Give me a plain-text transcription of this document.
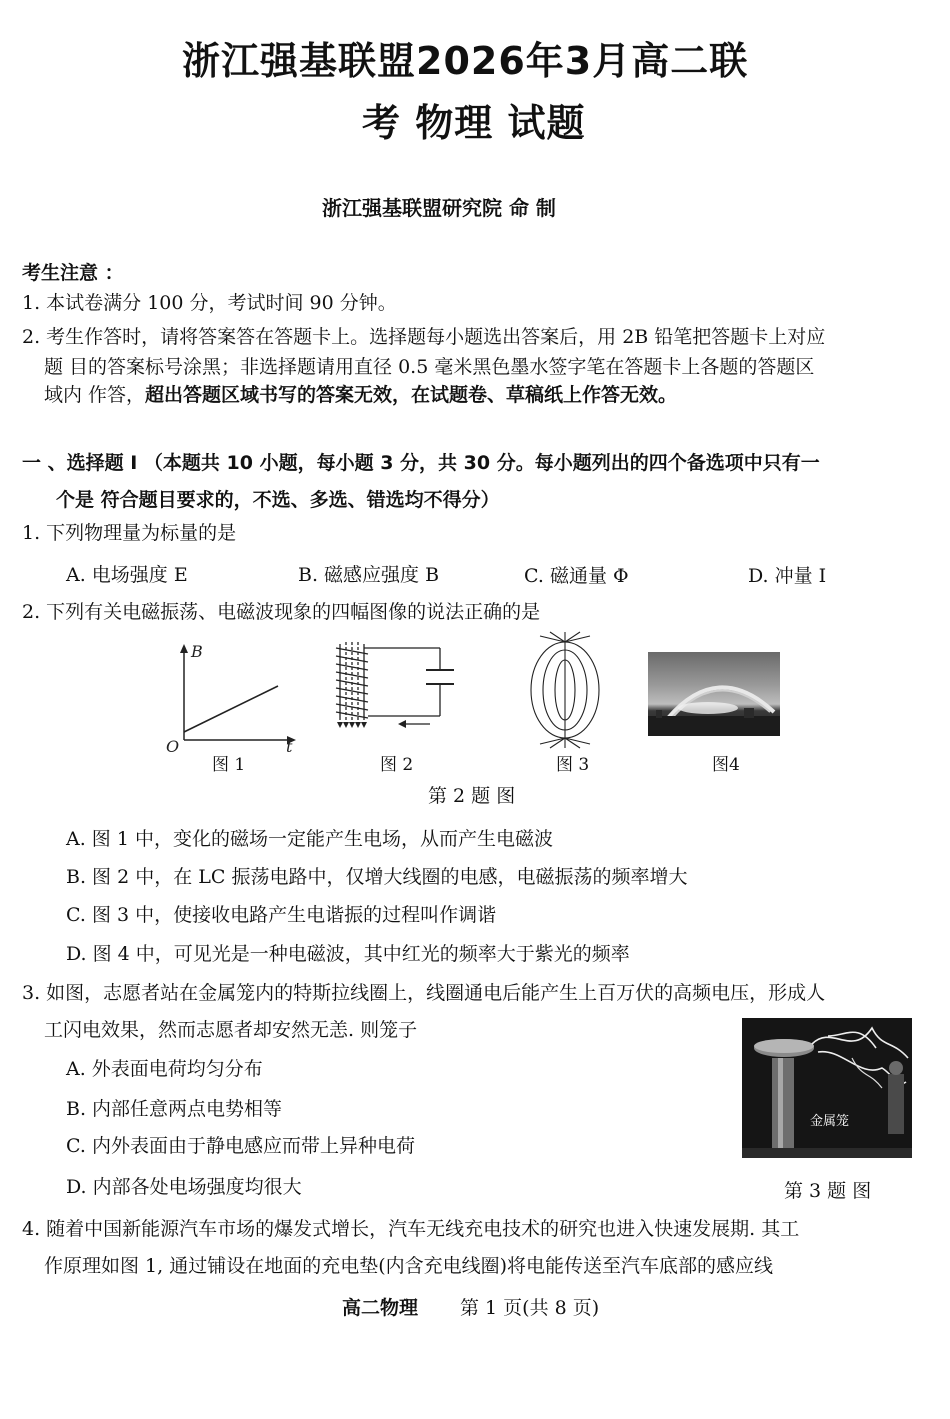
浙江强基联盟2026年3月高二联
考 物理 试题
浙江强基联盟研究院 命 制
考生注意 ：
1. 本试卷满分 100 分，考试时间 90 分钟。
2. 考生作答时，请将答案答在答题卡上。选择题每小题选出答案后，用 2B 铅笔把答题卡上对应
题 目的答案标号涂黑；非选择题请用直径 0.5 毫米黑色墨水签字笔在答题卡上各题的答题区
域内 作答，超出答题区域书写的答案无效，在试题卷、草稿纸上作答无效。
一 、选择题 I （本题共 10 小题，每小题 3 分，共 30 分。每小题列出的四个备选项中只有一
个是 符合题目要求的，不选、多选、错选均不得分）
1. 下列物理量为标量的是
A. 电场强度 E	B. 磁感应强度 B	C. 磁通量 Φ	D. 冲量 I
2. 下列有关电磁振荡、电磁波现象的四幅图像的说法正确的是
B
t
O
图 1	图 2	图 3	图4
第 2 题 图
A. 图 1 中，变化的磁场一定能产生电场，从而产生电磁波
B. 图 2 中，在 LC 振荡电路中，仅增大线圈的电感，电磁振荡的频率增大
C. 图 3 中，使接收电路产生电谐振的过程叫作调谐
D. 图 4 中，可见光是一种电磁波，其中红光的频率大于紫光的频率
3. 如图，志愿者站在金属笼内的特斯拉线圈上，线圈通电后能产生上百万伏的高频电压，形成人
工闪电效果，然而志愿者却安然无恙. 则笼子
金属笼
第 3 题 图
A. 外表面电荷均匀分布
B. 内部任意两点电势相等
C. 内外表面由于静电感应而带上异种电荷
D. 内部各处电场强度均很大
4. 随着中国新能源汽车市场的爆发式增长，汽车无线充电技术的研究也进入快速发展期. 其工
作原理如图 1, 通过铺设在地面的充电垫(内含充电线圈)将电能传送至汽车底部的感应线
高二物理 第 1 页(共 8 页)
